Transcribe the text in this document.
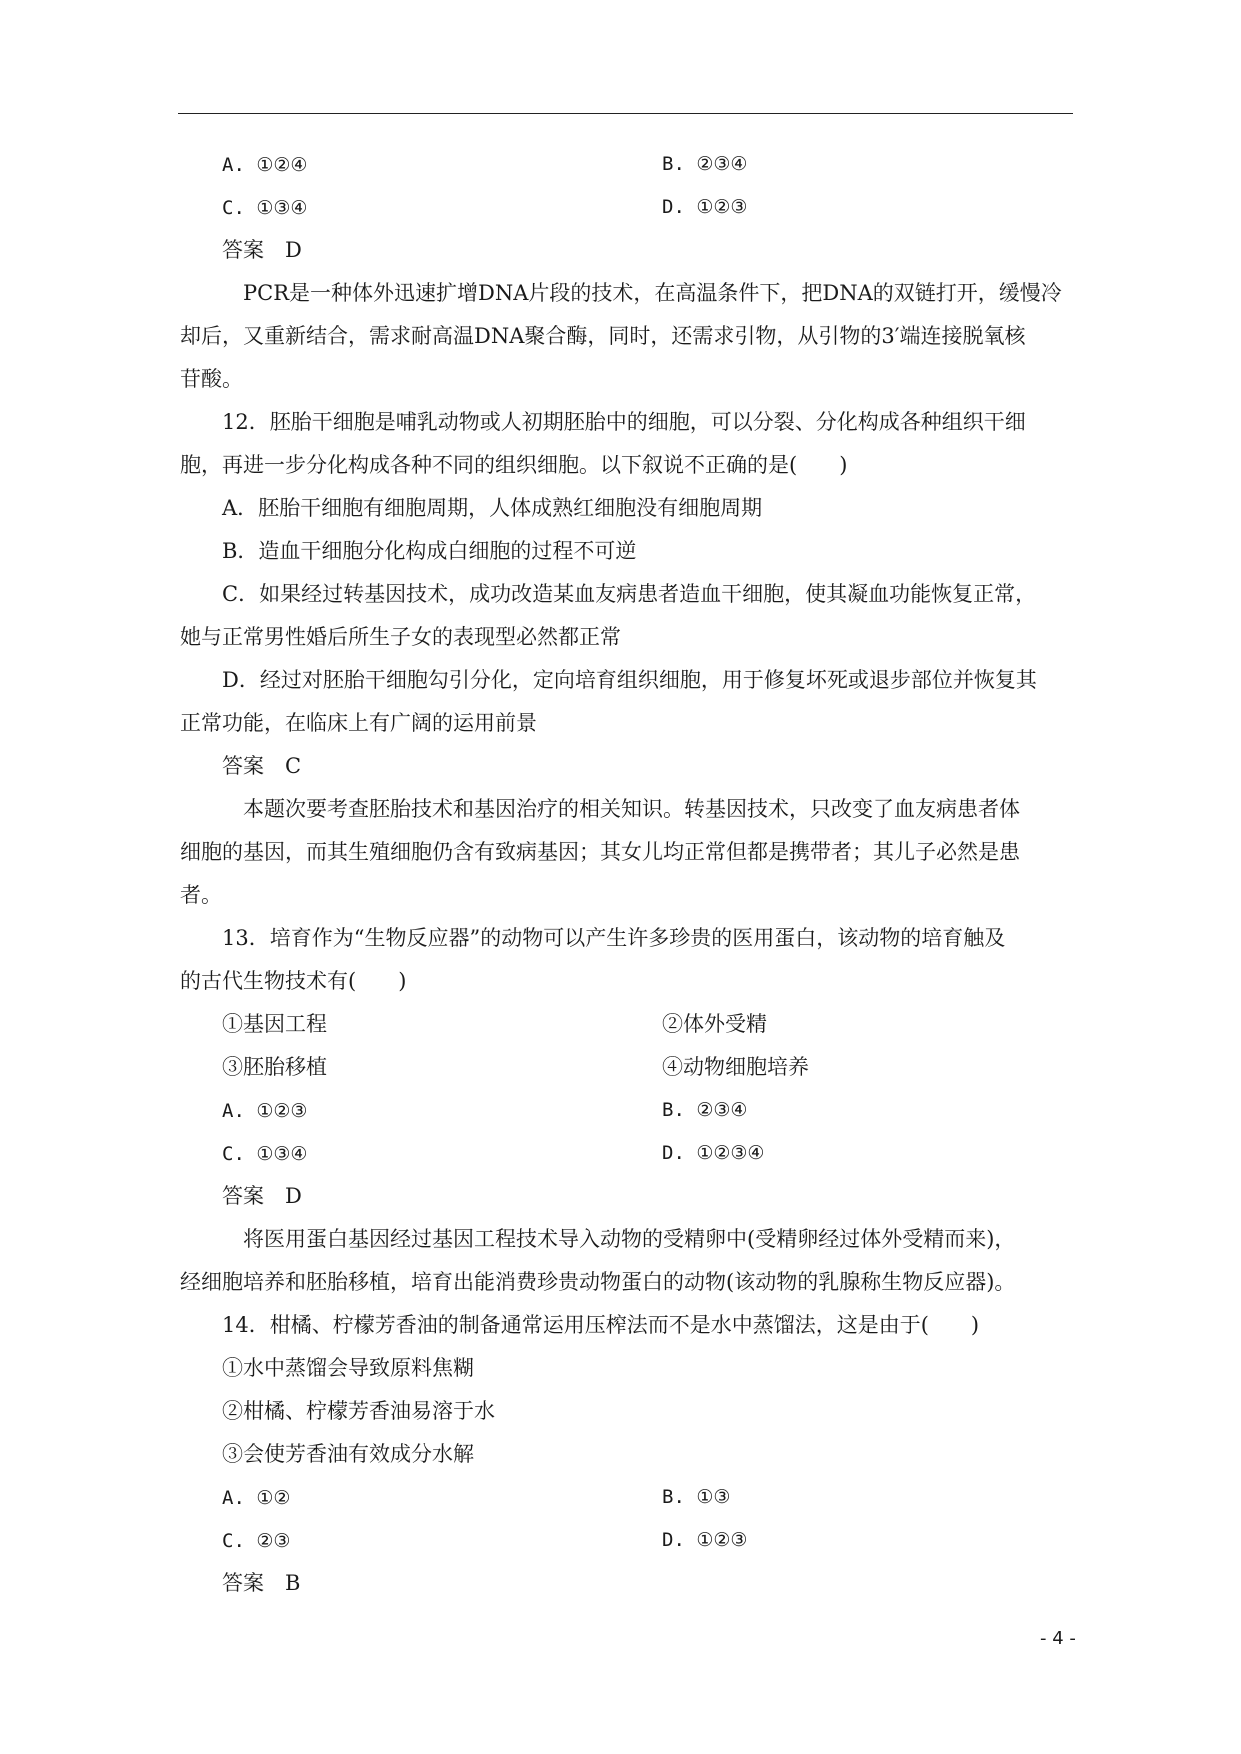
A. ①②④	B. ②③④
C. ①③④	D. ①②③
答案　D
PCR是一种体外迅速扩增DNA片段的技术，在高温条件下，把DNA的双链打开，缓慢冷
却后，又重新结合，需求耐高温DNA聚合酶，同时，还需求引物，从引物的3′端连接脱氧核
苷酸。
12．胚胎干细胞是哺乳动物或人初期胚胎中的细胞，可以分裂、分化构成各种组织干细
胞，再进一步分化构成各种不同的组织细胞。以下叙说不正确的是(　　)
A．胚胎干细胞有细胞周期，人体成熟红细胞没有细胞周期
B．造血干细胞分化构成白细胞的过程不可逆
C．如果经过转基因技术，成功改造某血友病患者造血干细胞，使其凝血功能恢复正常，
她与正常男性婚后所生子女的表现型必然都正常
D．经过对胚胎干细胞勾引分化，定向培育组织细胞，用于修复坏死或退步部位并恢复其
正常功能，在临床上有广阔的运用前景
答案　C
本题次要考查胚胎技术和基因治疗的相关知识。转基因技术，只改变了血友病患者体
细胞的基因，而其生殖细胞仍含有致病基因；其女儿均正常但都是携带者；其儿子必然是患
者。
13．培育作为“生物反应器”的动物可以产生许多珍贵的医用蛋白，该动物的培育触及
的古代生物技术有(　　)
①基因工程	②体外受精
③胚胎移植	④动物细胞培养
A. ①②③	B. ②③④
C. ①③④	D. ①②③④
答案　D
将医用蛋白基因经过基因工程技术导入动物的受精卵中(受精卵经过体外受精而来)，
经细胞培养和胚胎移植，培育出能消费珍贵动物蛋白的动物(该动物的乳腺称生物反应器)。
14．柑橘、柠檬芳香油的制备通常运用压榨法而不是水中蒸馏法，这是由于(　　)
①水中蒸馏会导致原料焦糊
②柑橘、柠檬芳香油易溶于水
③会使芳香油有效成分水解
A. ①②	B. ①③
C. ②③	D. ①②③
答案　B
- 4 -
